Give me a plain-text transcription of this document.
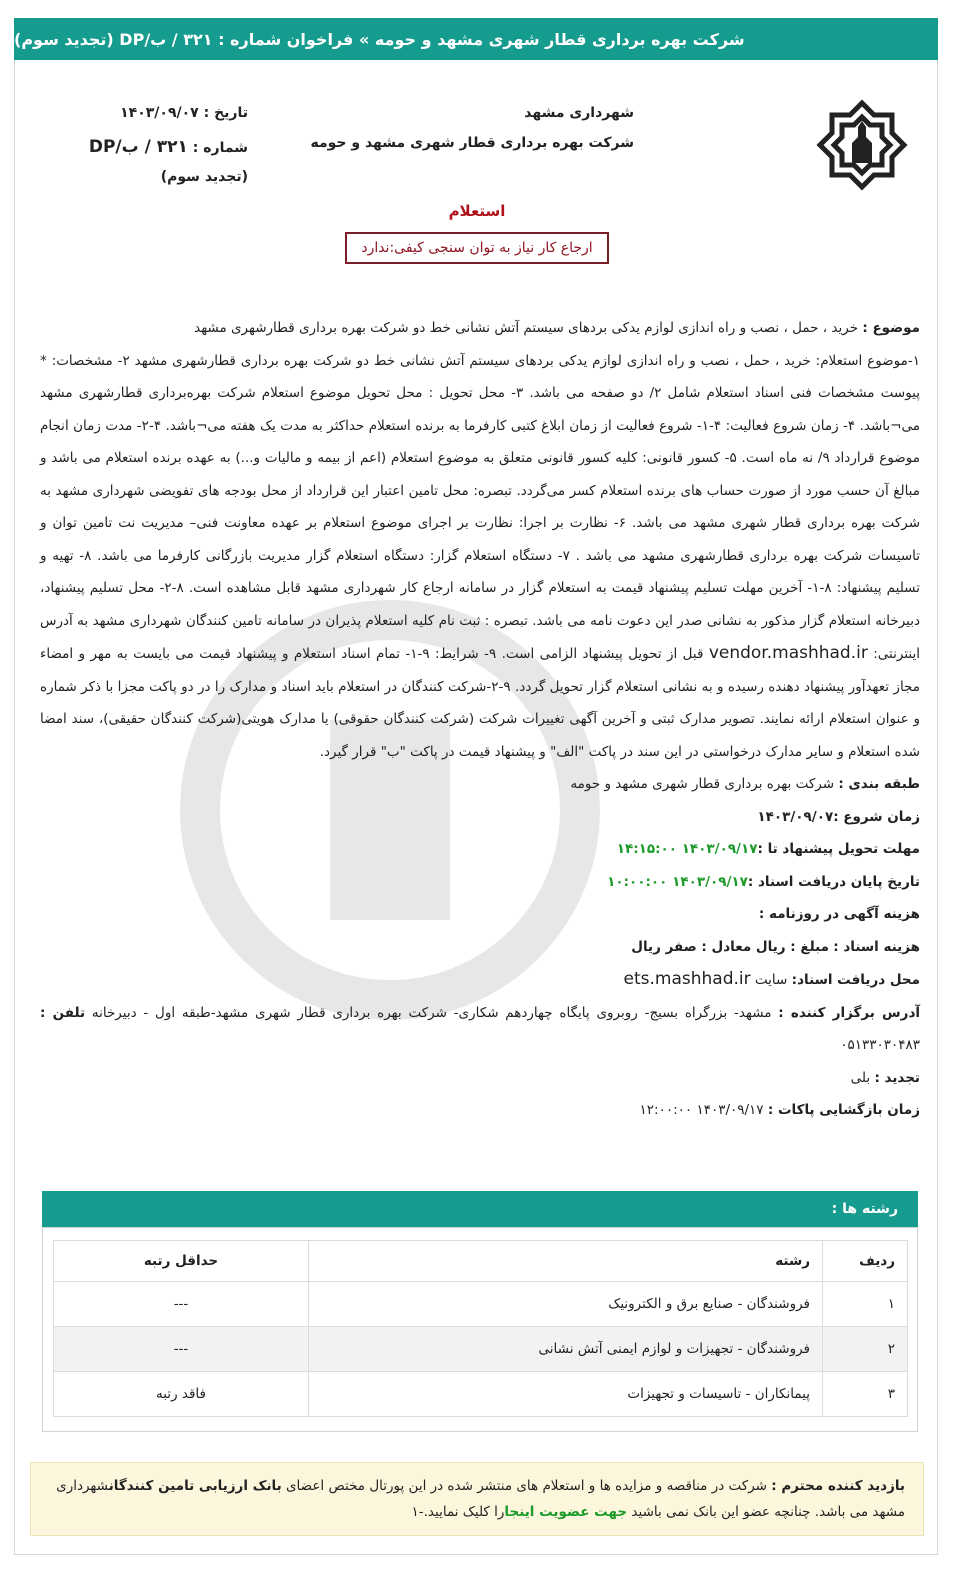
شرکت بهره برداری قطار شهری مشهد و حومه » فراخوان شماره : ۳۲۱ / ب/DP (تجدید سوم)
شهرداری مشهد
شرکت بهره برداری قطار شهری مشهد و حومه
تاریخ : ۱۴۰۳/۰۹/۰۷
شماره : ۳۲۱ / ب/DP
(تجدید سوم)
استعلام
ارجاع کار نیاز به توان سنجی کیفی:ندارد

موضوع : خرید ، حمل ، نصب و راه اندازی لوازم یدکی بردهای سیستم آتش نشانی خط دو شرکت بهره برداری قطارشهری مشهد

۱-موضوع استعلام: خرید ، حمل ، نصب و راه اندازی لوازم یدکی بردهای سیستم آتش نشانی خط دو شرکت بهره برداری قطارشهری مشهد ۲- مشخصات: * پیوست مشخصات فنی اسناد استعلام شامل ۲/ دو صفحه می باشد. ۳- محل تحویل : محل تحویل موضوع استعلام شرکت بهره‌برداری قطارشهری مشهد می¬باشد. ۴- زمان شروع فعالیت: ۴-۱- شروع فعالیت از زمان ابلاغ کتبی کارفرما به برنده استعلام حداکثر به مدت یک هفته می¬باشد. ۴-۲- مدت زمان انجام موضوع قرارداد ۹/ نه ماه است. ۵- کسور قانونی: کلیه کسور قانونی متعلق به موضوع استعلام (اعم از بیمه و مالیات و...) به عهده برنده استعلام می باشد و مبالغ آن حسب مورد از صورت حساب های برنده استعلام کسر می‌گردد. تبصره: محل تامین اعتبار این قرارداد از محل بودجه های تفویضی شهرداری مشهد به شرکت بهره برداری قطار شهری مشهد می باشد. ۶- نظارت بر اجرا: نظارت بر اجرای موضوع استعلام بر عهده معاونت فنی– مدیریت نت تامین توان و تاسیسات شرکت بهره برداری قطارشهری مشهد می باشد . ۷- دستگاه استعلام گزار: دستگاه استعلام گزار مدیریت بازرگانی کارفرما می باشد. ۸- تهیه و تسلیم پیشنهاد: ۸-۱- آخرین مهلت تسلیم پیشنهاد قیمت به استعلام گزار در سامانه ارجاع کار شهرداری مشهد قابل مشاهده است. ۸-۲- محل تسلیم پیشنهاد، دبیرخانه استعلام گزار مذکور به نشانی صدر این دعوت نامه می باشد. تبصره : ثبت نام کلیه استعلام پذیران در سامانه تامین کنندگان شهرداری مشهد به آدرس اینترنتی: vendor.mashhad.ir قبل از تحویل پیشنهاد الزامی است. ۹- شرایط: ۹-۱- تمام اسناد استعلام و پیشنهاد قیمت می بایست به مهر و امضاء مجاز تعهدآور پیشنهاد دهنده رسیده و به نشانی استعلام گزار تحویل گردد. ۹-۲-شرکت کنندگان در استعلام باید اسناد و مدارک را در دو پاکت مجزا با ذکر شماره و عنوان استعلام ارائه نمایند. تصویر مدارک ثبتی و آخرین آگهی تغییرات شرکت (شرکت کنندگان حقوقی) یا مدارک هویتی(شرکت کنندگان حقیقی)، سند امضا شده استعلام و سایر مدارک درخواستی در این سند در پاکت "الف" و پیشنهاد قیمت در پاکت "ب" قرار گیرد.

طبقه بندی : شرکت بهره برداری قطار شهری مشهد و حومه

زمان شروع :۱۴۰۳/۰۹/۰۷

مهلت تحویل پیشنهاد تا :۱۴۰۳/۰۹/۱۷ ۱۴:۱۵:۰۰

تاریخ پایان دریافت اسناد :۱۴۰۳/۰۹/۱۷ ۱۰:۰۰:۰۰

هزینه آگهی در روزنامه :

هزینه اسناد : مبلغ : ریال معادل : صفر ریال

محل دریافت اسناد: سایت ets.mashhad.ir

آدرس برگزار کننده : مشهد- بزرگراه بسیج- روبروی پایگاه چهاردهم شکاری- شرکت بهره برداری قطار شهری مشهد-طبقه اول - دبیرخانه تلفن : ۰۵۱۳۳۰۳۰۴۸۳

تجدید : بلی

زمان بازگشایی پاکات : ۱۴۰۳/۰۹/۱۷ ۱۲:۰۰:۰۰

رشته ها :
ردیف	رشته	حداقل رتبه
۱	فروشندگان - صنایع برق و الکترونیک	---
۲	فروشندگان - تجهیزات و لوازم ایمنی آتش نشانی	---
۳	پیمانکاران - تاسیسات و تجهیزات	فاقد رتبه
بازدید کننده محترم : شرکت در مناقصه و مزایده ها و استعلام های منتشر شده در این پورتال مختص اعضای بانک ارزیابی تامین کنندگانشهرداری مشهد می باشد. چنانچه عضو این بانک نمی باشید جهت عضویت اینجارا کلیک نمایید.-۱
